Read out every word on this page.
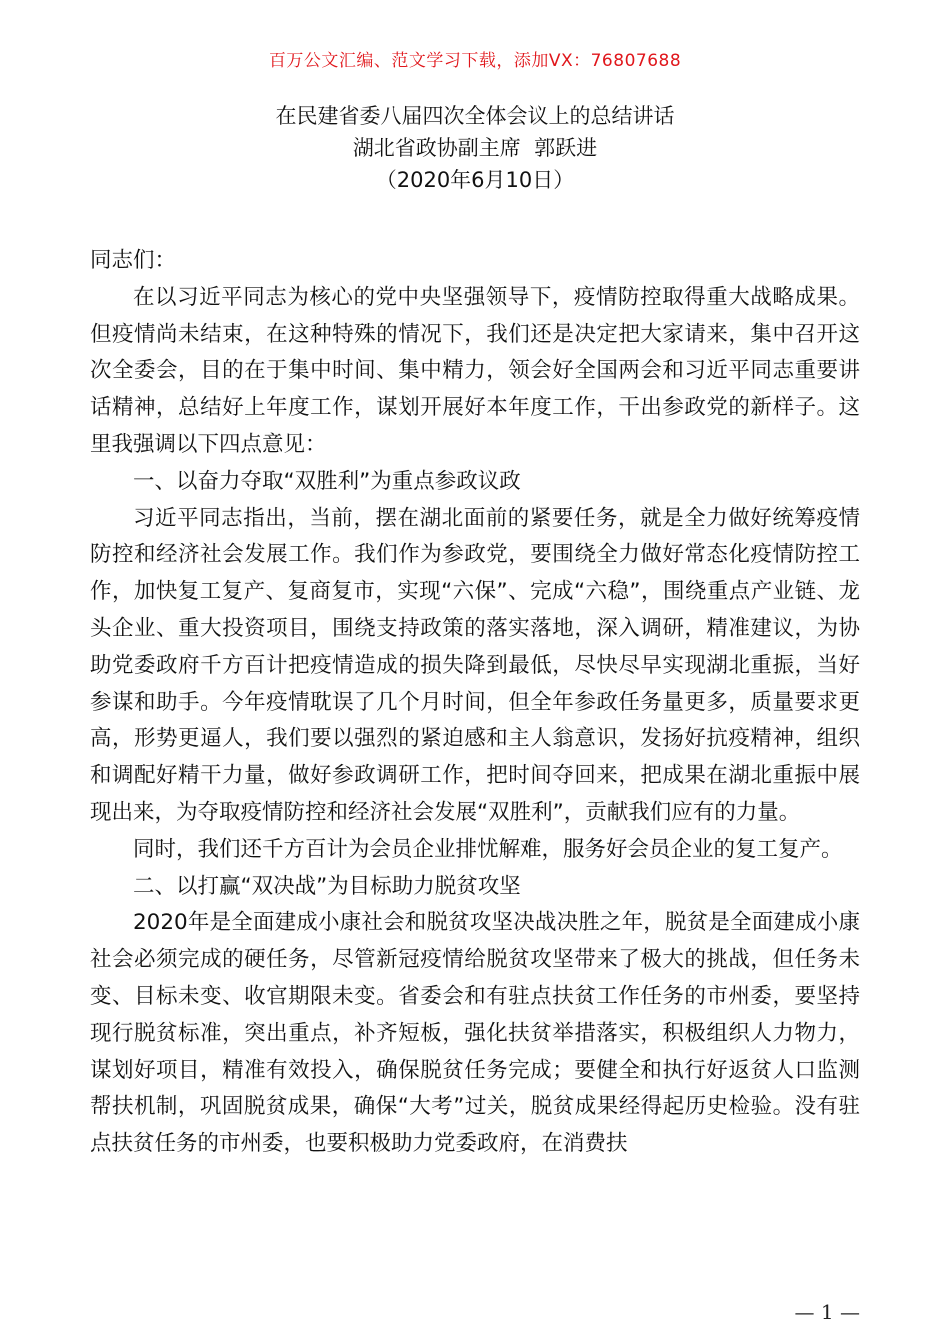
百万公文汇编、范文学习下载，添加VX：76807688
在民建省委八届四次全体会议上的总结讲话
湖北省政协副主席  郭跃进
（2020年6月10日）

同志们：

在以习近平同志为核心的党中央坚强领导下，疫情防控取得重大战略成果。但疫情尚未结束，在这种特殊的情况下，我们还是决定把大家请来，集中召开这次全委会，目的在于集中时间、集中精力，领会好全国两会和习近平同志重要讲话精神，总结好上年度工作，谋划开展好本年度工作，干出参政党的新样子。这里我强调以下四点意见：

一、以奋力夺取“双胜利”为重点参政议政

习近平同志指出，当前，摆在湖北面前的紧要任务，就是全力做好统筹疫情防控和经济社会发展工作。我们作为参政党，要围绕全力做好常态化疫情防控工作，加快复工复产、复商复市，实现“六保”、完成“六稳”，围绕重点产业链、龙头企业、重大投资项目，围绕支持政策的落实落地，深入调研，精准建议，为协助党委政府千方百计把疫情造成的损失降到最低，尽快尽早实现湖北重振，当好参谋和助手。今年疫情耽误了几个月时间，但全年参政任务量更多，质量要求更高，形势更逼人，我们要以强烈的紧迫感和主人翁意识，发扬好抗疫精神，组织和调配好精干力量，做好参政调研工作，把时间夺回来，把成果在湖北重振中展现出来，为夺取疫情防控和经济社会发展“双胜利”，贡献我们应有的力量。

同时，我们还千方百计为会员企业排忧解难，服务好会员企业的复工复产。

二、以打赢“双决战”为目标助力脱贫攻坚

2020年是全面建成小康社会和脱贫攻坚决战决胜之年，脱贫是全面建成小康社会必须完成的硬任务，尽管新冠疫情给脱贫攻坚带来了极大的挑战，但任务未变、目标未变、收官期限未变。省委会和有驻点扶贫工作任务的市州委，要坚持现行脱贫标准，突出重点，补齐短板，强化扶贫举措落实，积极组织人力物力，谋划好项目，精准有效投入，确保脱贫任务完成；要健全和执行好返贫人口监测帮扶机制，巩固脱贫成果，确保“大考”过关，脱贫成果经得起历史检验。没有驻点扶贫任务的市州委，也要积极助力党委政府，在消费扶

— 1 —
